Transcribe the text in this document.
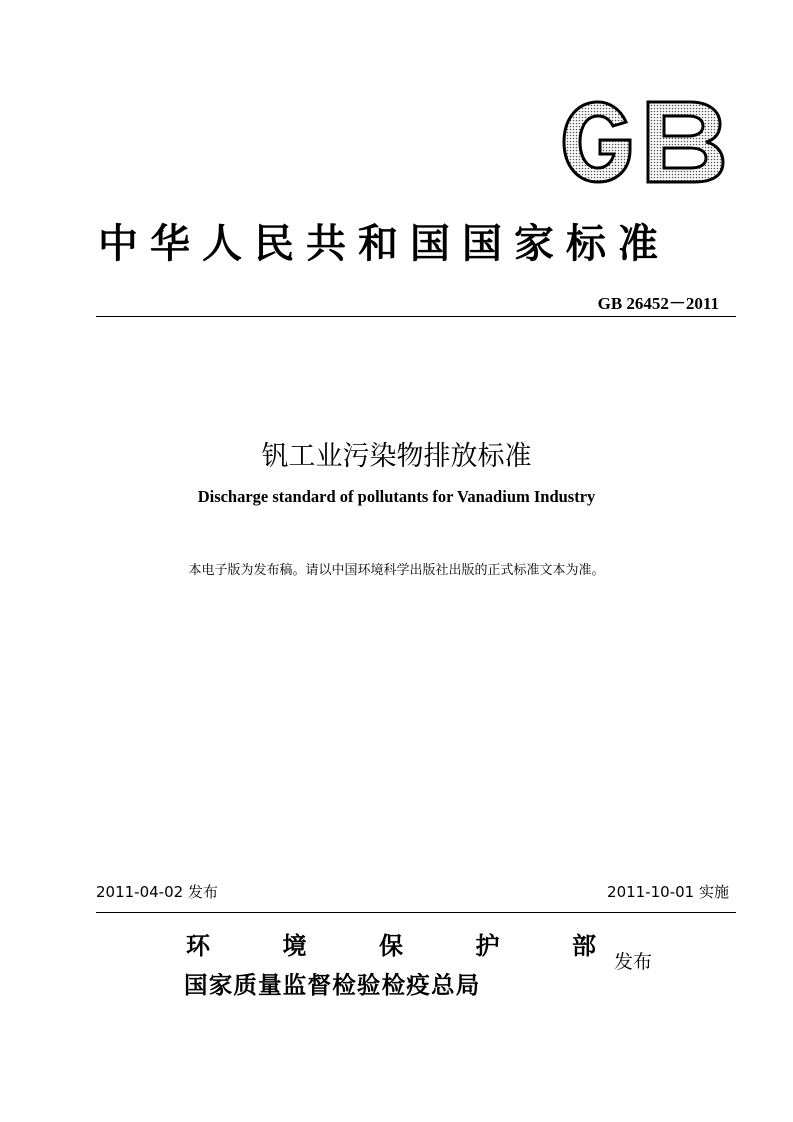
中华人民共和国国家标准
GB 26452－2011
钒工业污染物排放标准
Discharge standard of pollutants for Vanadium Industry
本电子版为发布稿。请以中国环境科学出版社出版的正式标准文本为准。
2011-04-02 发布	2011-10-01 实施
环	境	保	护	部
国家质量监督检验检疫总局
发布
